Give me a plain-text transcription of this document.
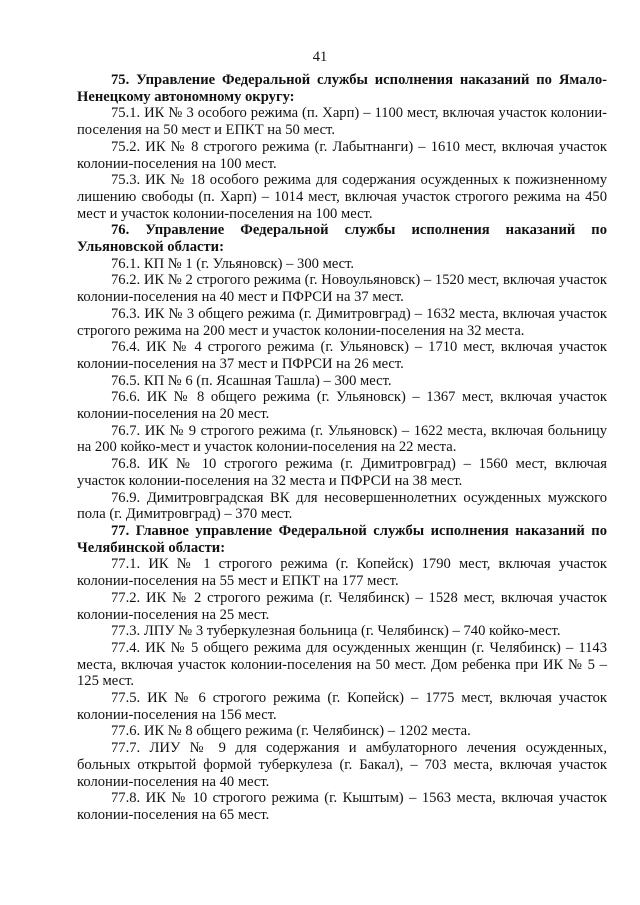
41

75. Управление Федеральной службы исполнения наказаний по Ямало-Ненецкому автономному округу:

75.1. ИК № 3 особого режима (п. Харп) – 1100 мест, включая участок колонии-поселения на 50 мест и ЕПКТ на 50 мест.

75.2. ИК № 8 строгого режима (г. Лабытнанги) – 1610 мест, включая участок колонии-поселения на 100 мест.

75.3. ИК № 18 особого режима для содержания осужденных к пожизненному лишению свободы (п. Харп) – 1014 мест, включая участок строгого режима на 450 мест и участок колонии-поселения на 100 мест.

76. Управление Федеральной службы исполнения наказаний по Ульяновской области:

76.1. КП № 1 (г. Ульяновск) – 300 мест.

76.2. ИК № 2 строгого режима (г. Новоульяновск) – 1520 мест, включая участок колонии-поселения на 40 мест и ПФРСИ на 37 мест.

76.3. ИК № 3 общего режима (г. Димитровград) – 1632 места, включая участок строгого режима на 200 мест и участок колонии-поселения на 32 места.

76.4. ИК № 4 строгого режима (г. Ульяновск) – 1710 мест, включая участок колонии-поселения на 37 мест и ПФРСИ на 26 мест.

76.5. КП № 6 (п. Ясашная Ташла) – 300 мест.

76.6. ИК № 8 общего режима (г. Ульяновск) – 1367 мест, включая участок колонии-поселения на 20 мест.

76.7. ИК № 9 строгого режима (г. Ульяновск) – 1622 места, включая больницу на 200 койко-мест и участок колонии-поселения на 22 места.

76.8. ИК № 10 строгого режима (г. Димитровград) – 1560 мест, включая участок колонии-поселения на 32 места и ПФРСИ на 38 мест.

76.9. Димитровградская ВК для несовершеннолетних осужденных мужского пола (г. Димитровград) – 370 мест.

77. Главное управление Федеральной службы исполнения наказаний по Челябинской области:

77.1. ИК № 1 строгого режима (г. Копейск) 1790 мест, включая участок колонии-поселения на 55 мест и ЕПКТ на 177 мест.

77.2. ИК № 2 строгого режима (г. Челябинск) – 1528 мест, включая участок колонии-поселения на 25 мест.

77.3. ЛПУ № 3 туберкулезная больница (г. Челябинск) – 740 койко-мест.

77.4. ИК № 5 общего режима для осужденных женщин (г. Челябинск) – 1143 места, включая участок колонии-поселения на 50 мест. Дом ребенка при ИК № 5 – 125 мест.

77.5. ИК № 6 строгого режима (г. Копейск) – 1775 мест, включая участок колонии-поселения на 156 мест.

77.6. ИК № 8 общего режима (г. Челябинск) – 1202 места.

77.7. ЛИУ № 9 для содержания и амбулаторного лечения осужденных, больных открытой формой туберкулеза (г. Бакал), – 703 места, включая участок колонии-поселения на 40 мест.

77.8. ИК № 10 строгого режима (г. Кыштым) – 1563 места, включая участок колонии-поселения на 65 мест.
